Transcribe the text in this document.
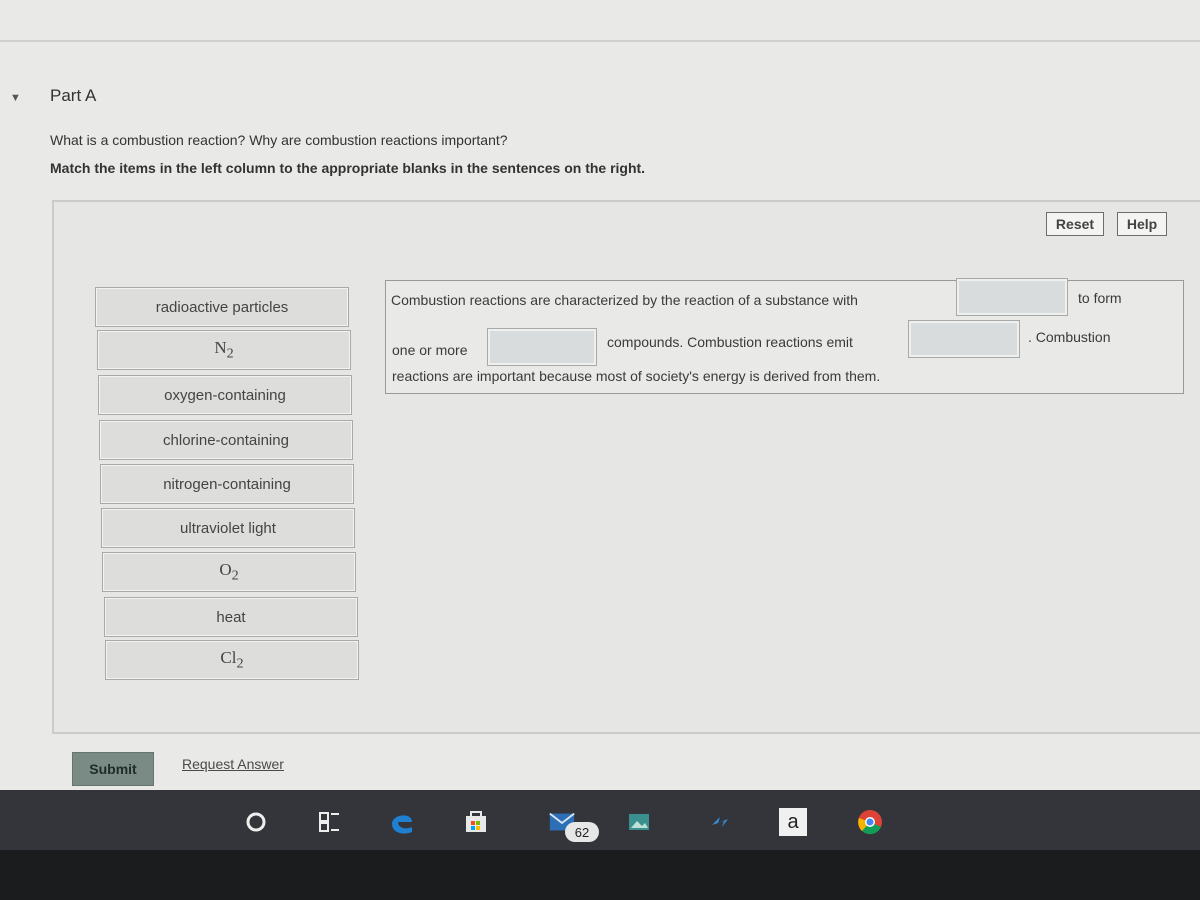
▼ Part A
What is a combustion reaction? Why are combustion reactions important?
Match the items in the left column to the appropriate blanks in the sentences on the right.
Reset	Help
radioactive particles
$N_2$
oxygen-containing
chlorine-containing
nitrogen-containing
ultraviolet light
$O_2$
heat
$Cl_2$
Combustion reactions are characterized by the reaction of a substance with	to form
one or more	compounds. Combustion reactions emit	. Combustion
reactions are important because most of society's energy is derived from them.
Submit	Request Answer
62	a
